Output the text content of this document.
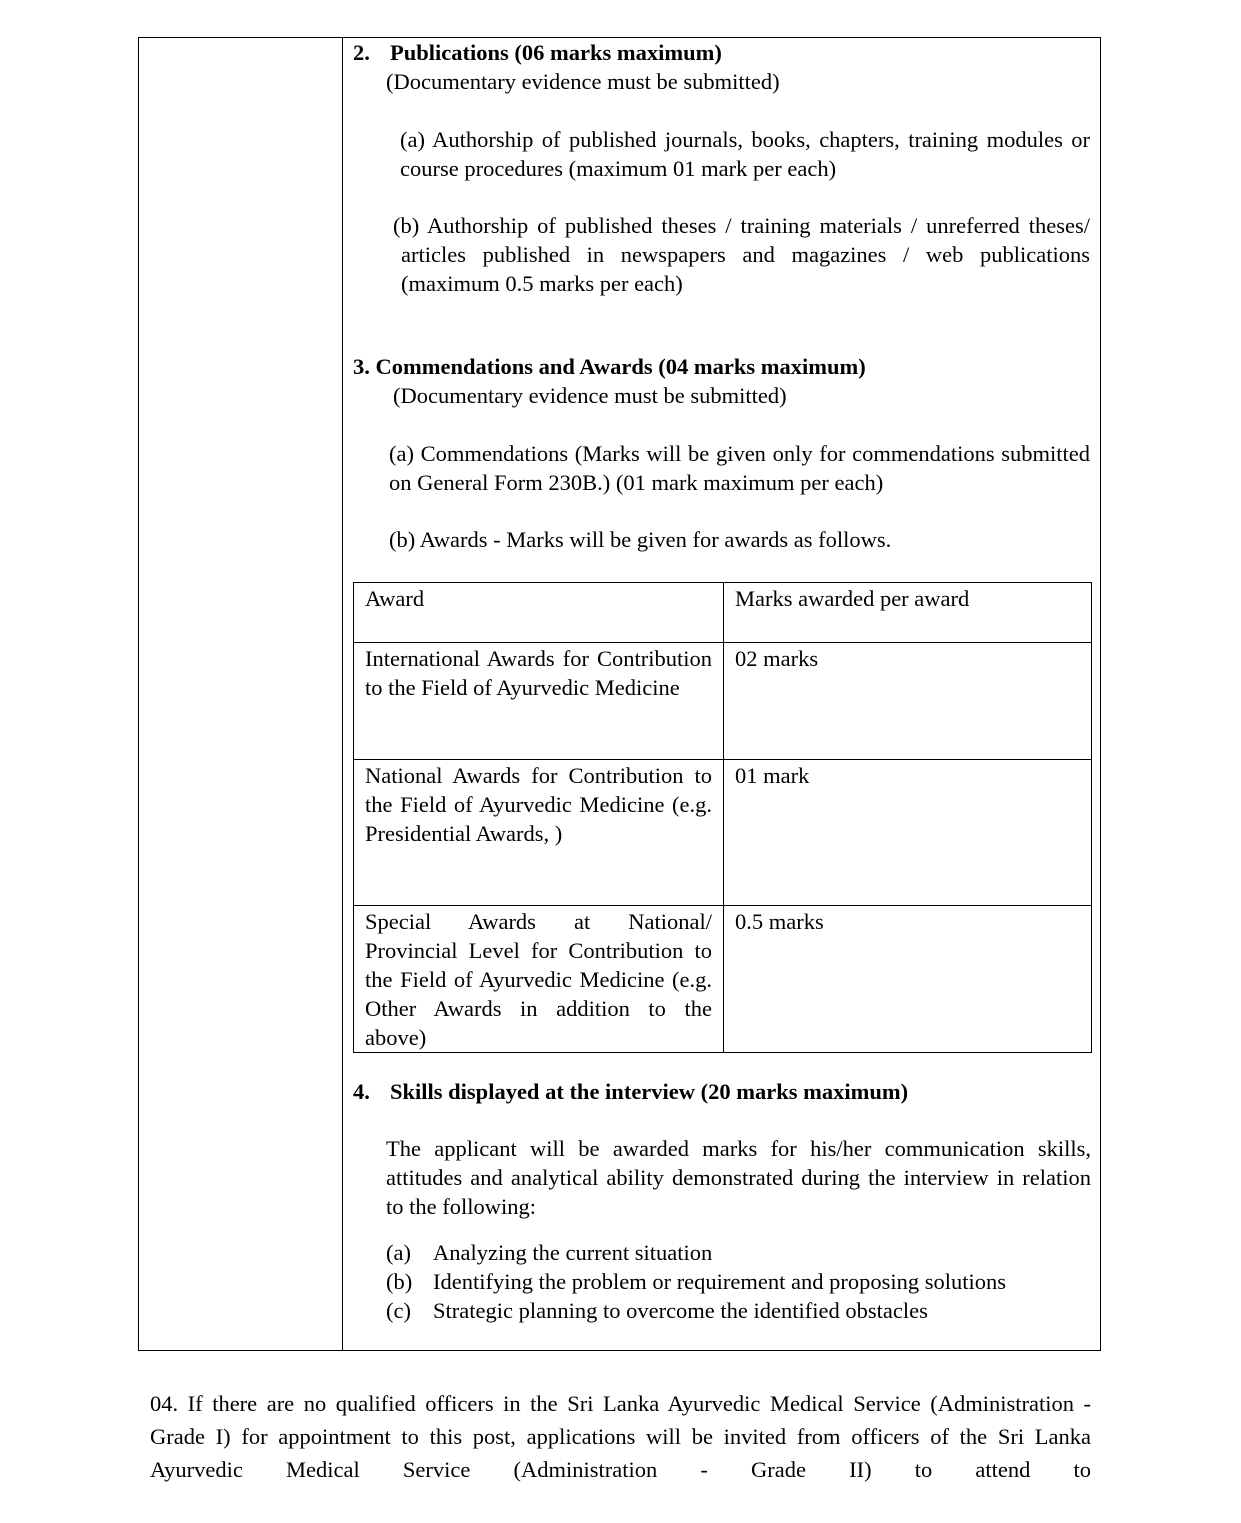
2. Publications (06 marks maximum)

(Documentary evidence must be submitted)

(a) Authorship of published journals, books, chapters, training modules or course procedures (maximum 01 mark per each)

(b) Authorship of published theses / training materials / unreferred theses/ articles published in newspapers and magazines / web publications (maximum 0.5 marks per each)

3. Commendations and Awards (04 marks maximum)

(Documentary evidence must be submitted)

(a) Commendations (Marks will be given only for commendations submitted on General Form 230B.) (01 mark maximum per each)

(b) Awards - Marks will be given for awards as follows.

Award	Marks awarded per award
International Awards for Contribution to the Field of Ayurvedic Medicine	02 marks
National Awards for Contribution to the Field of Ayurvedic Medicine (e.g. Presidential Awards, )	01 mark
Special Awards at National/ Provincial Level for Contribution to the Field of Ayurvedic Medicine (e.g. Other Awards in addition to the above)	0.5 marks

4. Skills displayed at the interview (20 marks maximum)

The applicant will be awarded marks for his/her communication skills, attitudes and analytical ability demonstrated during the interview in relation to the following:

(a) Analyzing the current situation
(b) Identifying the problem or requirement and proposing solutions
(c) Strategic planning to overcome the identified obstacles

04. If there are no qualified officers in the Sri Lanka Ayurvedic Medical Service (Administration - Grade I) for appointment to this post, applications will be invited from officers of the Sri Lanka Ayurvedic Medical Service (Administration - Grade II) to attend to
